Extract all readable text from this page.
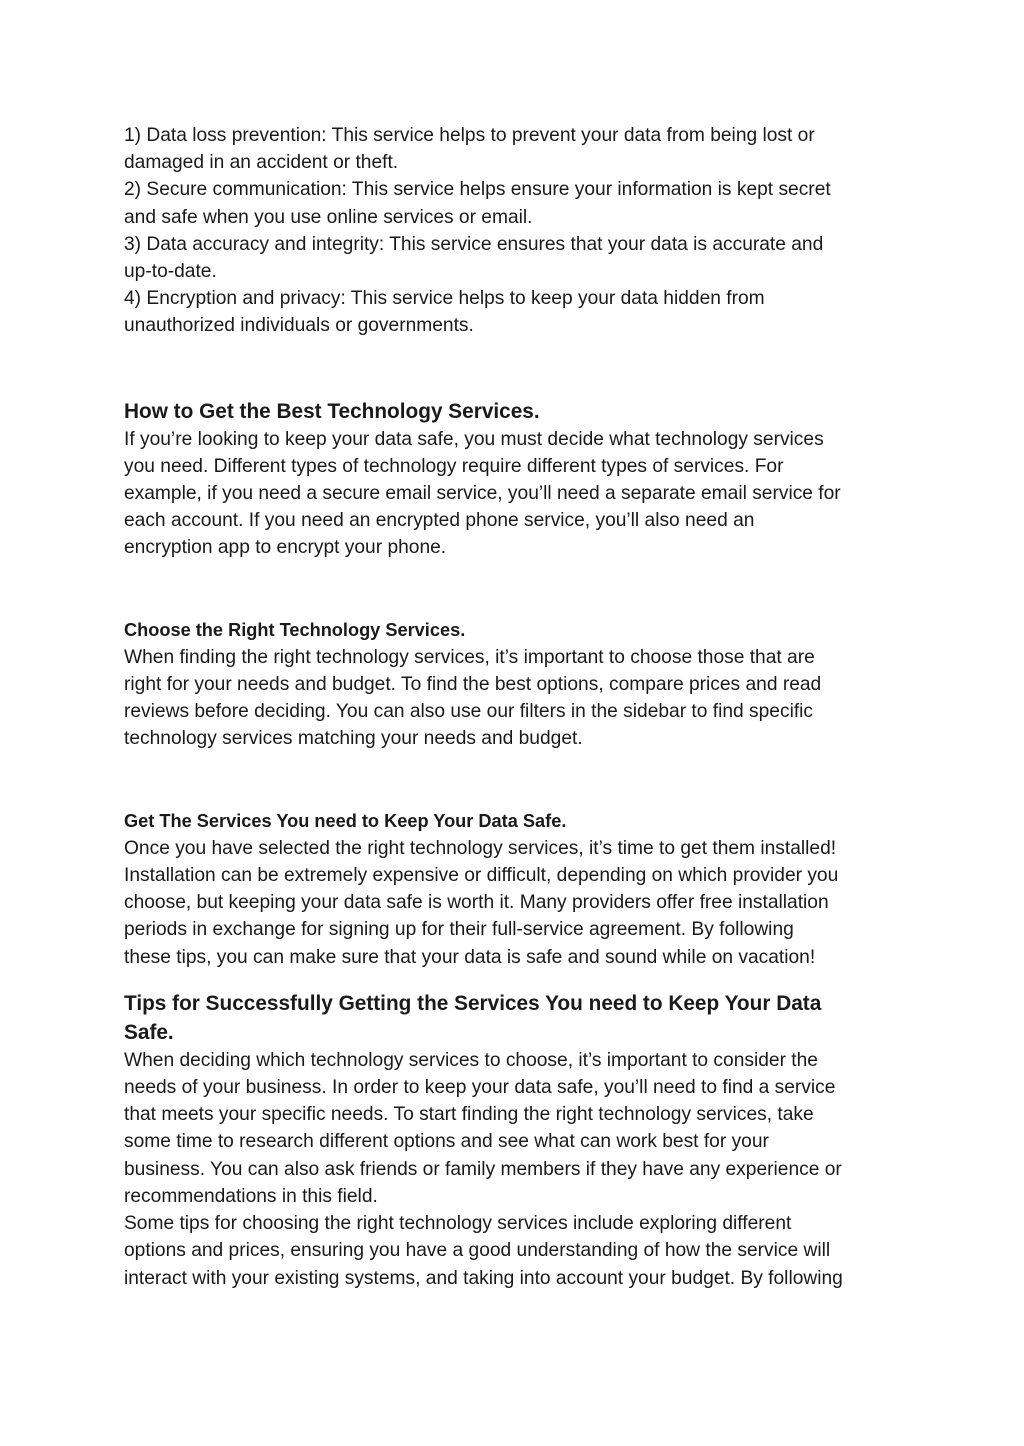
1) Data loss prevention: This service helps to prevent your data from being lost or
damaged in an accident or theft.

2) Secure communication: This service helps ensure your information is kept secret
and safe when you use online services or email.

3) Data accuracy and integrity: This service ensures that your data is accurate and
up-to-date.

4) Encryption and privacy: This service helps to keep your data hidden from
unauthorized individuals or governments.

How to Get the Best Technology Services.

If you’re looking to keep your data safe, you must decide what technology services
you need. Different types of technology require different types of services. For
example, if you need a secure email service, you’ll need a separate email service for
each account. If you need an encrypted phone service, you’ll also need an
encryption app to encrypt your phone.

Choose the Right Technology Services.

When finding the right technology services, it’s important to choose those that are
right for your needs and budget. To find the best options, compare prices and read
reviews before deciding. You can also use our filters in the sidebar to find specific
technology services matching your needs and budget.

Get The Services You need to Keep Your Data Safe.

Once you have selected the right technology services, it’s time to get them installed!
Installation can be extremely expensive or difficult, depending on which provider you
choose, but keeping your data safe is worth it. Many providers offer free installation
periods in exchange for signing up for their full-service agreement. By following
these tips, you can make sure that your data is safe and sound while on vacation!

Tips for Successfully Getting the Services You need to Keep Your Data
Safe.

When deciding which technology services to choose, it’s important to consider the
needs of your business. In order to keep your data safe, you’ll need to find a service
that meets your specific needs. To start finding the right technology services, take
some time to research different options and see what can work best for your
business. You can also ask friends or family members if they have any experience or
recommendations in this field.

Some tips for choosing the right technology services include exploring different
options and prices, ensuring you have a good understanding of how the service will
interact with your existing systems, and taking into account your budget. By following
